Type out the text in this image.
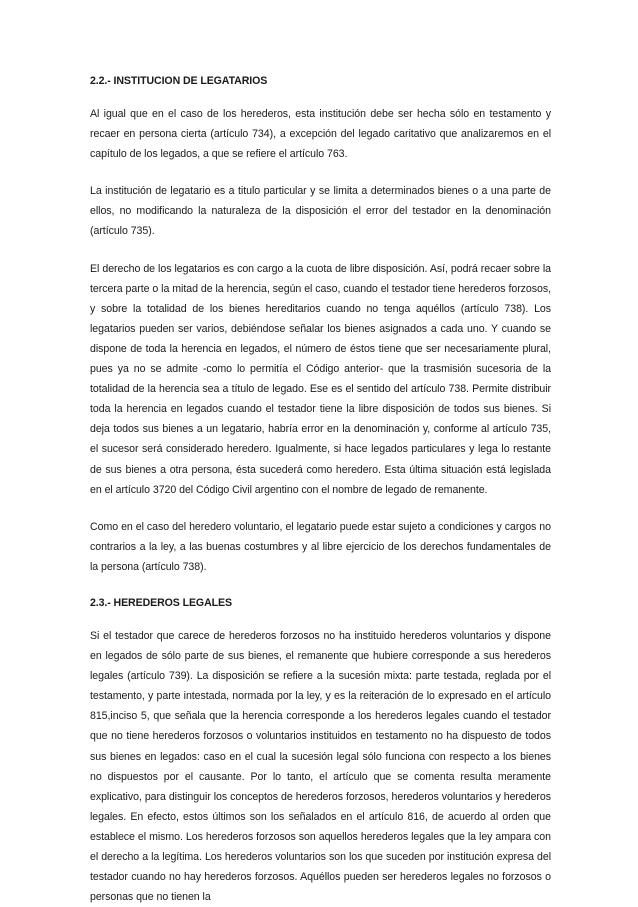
2.2.- INSTITUCION DE LEGATARIOS

Al igual que en el caso de los herederos, esta institución debe ser hecha sólo en testamento y recaer en persona cierta (artículo 734), a excepción del legado caritativo que analizaremos en el capítulo de los legados, a que se refiere el artículo 763.

La institución de legatario es a titulo particular y se limita a determinados bienes o a una parte de ellos, no modificando la naturaleza de la disposición el error del testador en la denominación (artículo 735).

El derecho de los legatarios es con cargo a la cuota de libre disposición. Así, podrá recaer sobre la tercera parte o la mitad de la herencia, según el caso, cuando el testador tiene herederos forzosos, y sobre la totalidad de los bienes hereditarios cuando no tenga aquéllos (artículo 738). Los legatarios pueden ser varios, debiéndose señalar los bienes asignados a cada uno. Y cuando se dispone de toda la herencia en legados, el número de éstos tiene que ser necesariamente plural, pues ya no se admite -como lo permitía el Código anterior- que la trasmisión sucesoria de la totalidad de la herencia sea a título de legado. Ese es el sentido del artículo 738. Permite distribuir toda la herencia en legados cuando el testador tiene la libre disposición de todos sus bienes. Si deja todos sus bienes a un legatario, habría error en la denominación y, conforme al artículo 735, el sucesor será considerado heredero. Igualmente, si hace legados particulares y lega lo restante de sus bienes a otra persona, ésta sucederá como heredero. Esta última situación está legislada en el artículo 3720 del Código Civil argentino con el nombre de legado de remanente.

Como en el caso del heredero voluntario, el legatario puede estar sujeto a condiciones y cargos no contrarios a la ley, a las buenas costumbres y al libre ejercicio de los derechos fundamentales de la persona (artículo 738).

2.3.- HEREDEROS LEGALES

Si el testador que carece de herederos forzosos no ha instituido herederos voluntarios y dispone en legados de sólo parte de sus bienes, el remanente que hubiere corresponde a sus herederos legales (artículo 739). La disposición se refiere a la sucesión mixta: parte testada, reglada por el testamento, y parte intestada, normada por la ley, y es la reiteración de lo expresado en el artículo 815,inciso 5, que señala que la herencia corresponde a los herederos legales cuando el testador que no tiene herederos forzosos o voluntarios instituidos en testamento no ha dispuesto de todos sus bienes en legados: caso en el cual la sucesión legal sólo funciona con respecto a los bienes no dispuestos por el causante. Por lo tanto, el artículo que se comenta resulta meramente explicativo, para distinguir los conceptos de herederos forzosos, herederos voluntarios y herederos legales. En efecto, estos últimos son los señalados en el artículo 816, de acuerdo al orden que establece el mismo. Los herederos forzosos son aquellos herederos legales que la ley ampara con el derecho a la legítima. Los herederos voluntarios son los que suceden por institución expresa del testador cuando no hay herederos forzosos. Aquéllos pueden ser herederos legales no forzosos o personas que no tienen la
